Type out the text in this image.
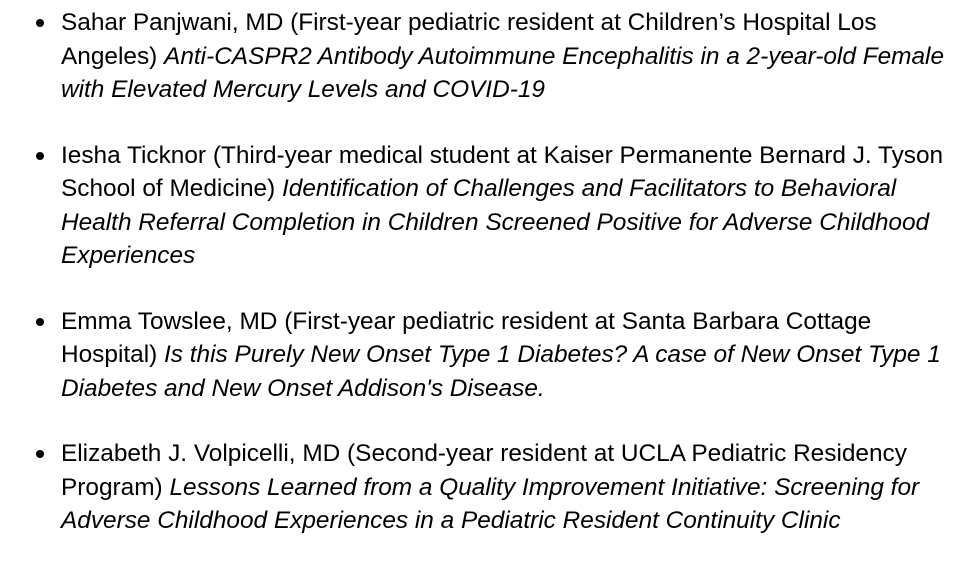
Sahar Panjwani, MD (First-year pediatric resident at Children’s Hospital Los Angeles) Anti-CASPR2 Antibody Autoimmune Encephalitis in a 2-year-old Female with Elevated Mercury Levels and COVID-19
Iesha Ticknor (Third-year medical student at Kaiser Permanente Bernard J. Tyson School of Medicine) Identification of Challenges and Facilitators to Behavioral Health Referral Completion in Children Screened Positive for Adverse Childhood Experiences
Emma Towslee, MD (First-year pediatric resident at Santa Barbara Cottage Hospital) Is this Purely New Onset Type 1 Diabetes? A case of New Onset Type 1 Diabetes and New Onset Addison's Disease.
Elizabeth J. Volpicelli, MD (Second-year resident at UCLA Pediatric Residency Program) Lessons Learned from a Quality Improvement Initiative: Screening for Adverse Childhood Experiences in a Pediatric Resident Continuity Clinic
